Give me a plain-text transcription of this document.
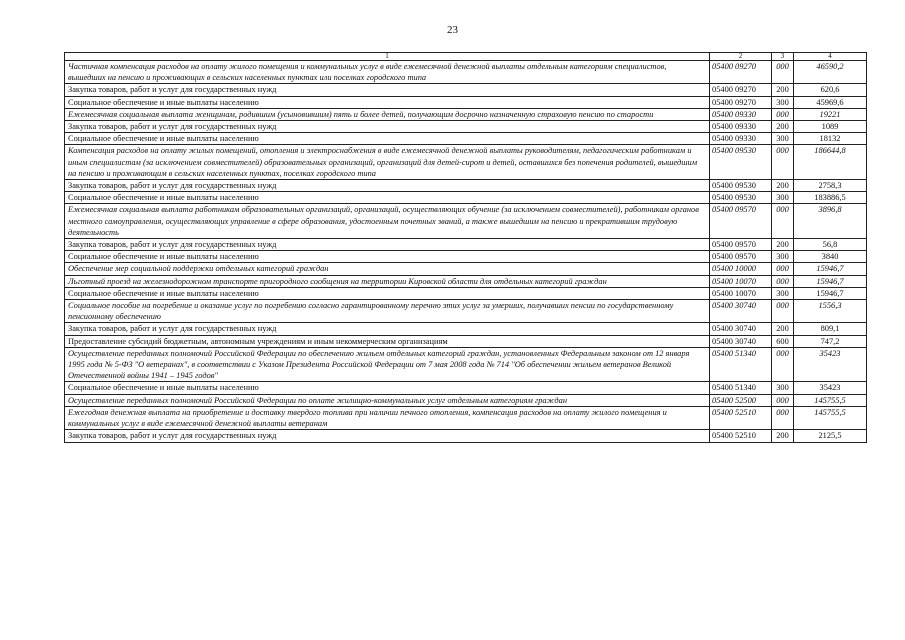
23
1	2	3	4
Частичная компенсация расходов на оплату жилого помещения и коммунальных услуг в виде ежемесячной денежной выплаты отдельным категориям специалистов, вышедших на пенсию и проживающих в сельских населенных пунктах или поселках городского типа	05400 09270	000	46590,2
Закупка товаров, работ и услуг для государственных нужд	05400 09270	200	620,6
Социальное обеспечение и иные выплаты населению	05400 09270	300	45969,6
Ежемесячная социальная выплата женщинам, родившим (усыновившим) пять и более детей, получающим досрочно назначенную страховую пенсию по старости	05400 09330	000	19221
Закупка товаров, работ и услуг для государственных нужд	05400 09330	200	1089
Социальное обеспечение и иные выплаты населению	05400 09330	300	18132
Компенсация расходов на оплату жилых помещений, отопления и электроснабжения в виде ежемесячной денежной выплаты руководителям, педагогическим работникам и иным специалистам (за исключением совместителей) образовательных организаций, организаций для детей-сирот и детей, оставшихся без попечения родителей, вышедшим на пенсию и проживающим в сельских населенных пунктах, поселках городского типа	05400 09530	000	186644,8
Закупка товаров, работ и услуг для государственных нужд	05400 09530	200	2758,3
Социальное обеспечение и иные выплаты населению	05400 09530	300	183886,5
Ежемесячная социальная выплата работникам образовательных организаций, организаций, осуществляющих обучение (за исключением совместителей), работникам органов местного самоуправления, осуществляющих управление в сфере образования, удостоенным почетных званий, а также вышедшим на пенсию и прекратившим трудовую деятельность	05400 09570	000	3896,8
Закупка товаров, работ и услуг для государственных нужд	05400 09570	200	56,8
Социальное обеспечение и иные выплаты населению	05400 09570	300	3840
Обеспечение мер социальной поддержки отдельных категорий граждан	05400 10000	000	15946,7
Льготный проезд на железнодорожном транспорте пригородного сообщения на территории Кировской области для отдельных категорий граждан	05400 10070	000	15946,7
Социальное обеспечение и иные выплаты населению	05400 10070	300	15946,7
Социальное пособие на погребение и оказание услуг по погребению согласно гарантированному перечню этих услуг за умерших, получавших пенсии по государственному пенсионному обеспечению	05400 30740	000	1556,3
Закупка товаров, работ и услуг для государственных нужд	05400 30740	200	809,1
Предоставление субсидий бюджетным, автономным учреждениям и иным некоммерческим организациям	05400 30740	600	747,2
Осуществление переданных полномочий Российской Федерации по обеспечению жильем отдельных категорий граждан, установленных Федеральным законом от 12 января 1995 года № 5-ФЗ "О ветеранах", в соответствии с Указом Президента Российской Федерации от 7 мая 2008 года № 714 "Об обеспечении жильем ветеранов Великой Отечественной войны 1941 – 1945 годов"	05400 51340	000	35423
Социальное обеспечение и иные выплаты населению	05400 51340	300	35423
Осуществление переданных полномочий Российской Федерации по оплате жилищно-коммунальных услуг отдельным категориям граждан	05400 52500	000	145755,5
Ежегодная денежная выплата на приобретение и доставку твердого топлива при наличии печного отопления, компенсация расходов на оплату жилого помещения и коммунальных услуг в виде ежемесячной денежной выплаты ветеранам	05400 52510	000	145755,5
Закупка товаров, работ и услуг для государственных нужд	05400 52510	200	2125,5
